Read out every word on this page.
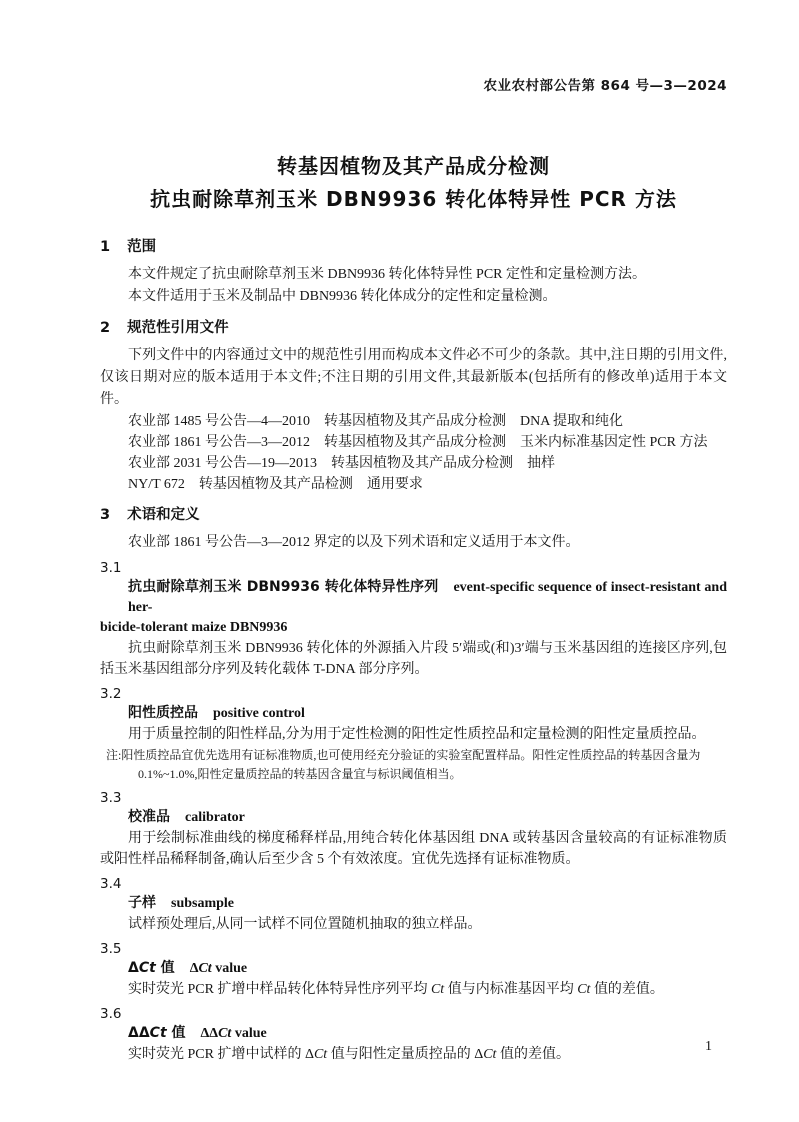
农业农村部公告第 864 号—3—2024
转基因植物及其产品成分检测
抗虫耐除草剂玉米 DBN9936 转化体特异性 PCR 方法
1 范围

本文件规定了抗虫耐除草剂玉米 DBN9936 转化体特异性 PCR 定性和定量检测方法。

本文件适用于玉米及制品中 DBN9936 转化体成分的定性和定量检测。

2 规范性引用文件

下列文件中的内容通过文中的规范性引用而构成本文件必不可少的条款。其中,注日期的引用文件,仅该日期对应的版本适用于本文件;不注日期的引用文件,其最新版本(包括所有的修改单)适用于本文件。

农业部 1485 号公告—4—2010　转基因植物及其产品成分检测　DNA 提取和纯化
农业部 1861 号公告—3—2012　转基因植物及其产品成分检测　玉米内标准基因定性 PCR 方法
农业部 2031 号公告—19—2013　转基因植物及其产品成分检测　抽样
NY/T 672　转基因植物及其产品检测　通用要求
3 术语和定义

农业部 1861 号公告—3—2012 界定的以及下列术语和定义适用于本文件。

3.1
抗虫耐除草剂玉米 DBN9936 转化体特异性序列 event-specific sequence of insect-resistant and her-
bicide-tolerant maize DBN9936

抗虫耐除草剂玉米 DBN9936 转化体的外源插入片段 5′端或(和)3′端与玉米基因组的连接区序列,包括玉米基因组部分序列及转化载体 T-DNA 部分序列。

3.2
阳性质控品 positive control

用于质量控制的阳性样品,分为用于定性检测的阳性定性质控品和定量检测的阳性定量质控品。

注:阳性质控品宜优先选用有证标准物质,也可使用经充分验证的实验室配置样品。阳性定性质控品的转基因含量为
0.1%~1.0%,阳性定量质控品的转基因含量宜与标识阈值相当。
3.3
校准品 calibrator

用于绘制标准曲线的梯度稀释样品,用纯合转化体基因组 DNA 或转基因含量较高的有证标准物质或阳性样品稀释制备,确认后至少含 5 个有效浓度。宜优先选择有证标准物质。

3.4
子样 subsample

试样预处理后,从同一试样不同位置随机抽取的独立样品。

3.5
ΔCt 值 ΔCt value

实时荧光 PCR 扩增中样品转化体特异性序列平均 Ct 值与内标准基因平均 Ct 值的差值。

3.6
ΔΔCt 值 ΔΔCt value

实时荧光 PCR 扩增中试样的 ΔCt 值与阳性定量质控品的 ΔCt 值的差值。

1
